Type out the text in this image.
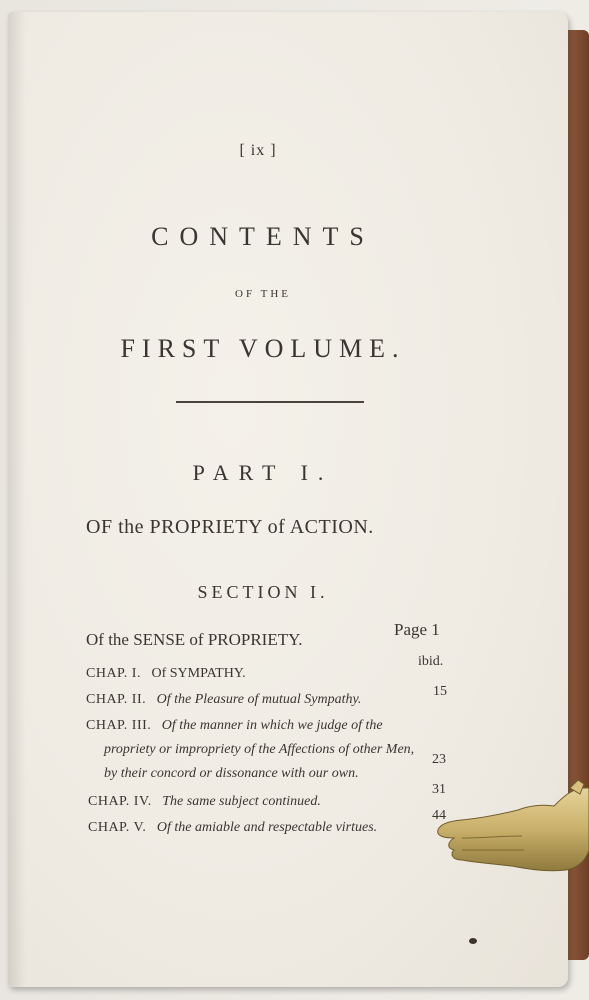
[ ix ]
CONTENTS
OF THE
FIRST VOLUME.
PART I.
OF the PROPRIETY of ACTION.
SECTION I.
Of the SENSE of PROPRIETY.
Page 1
CHAP. I. Of SYMPATHY.
ibid.
CHAP. II. Of the Pleasure of mutual Sympathy.
15
CHAP. III. Of the manner in which we judge of the
propriety or impropriety of the Affections of other Men,
by their concord or dissonance with our own.
23
CHAP. IV. The same subject continued.
31
CHAP. V. Of the amiable and respectable virtues.
44
